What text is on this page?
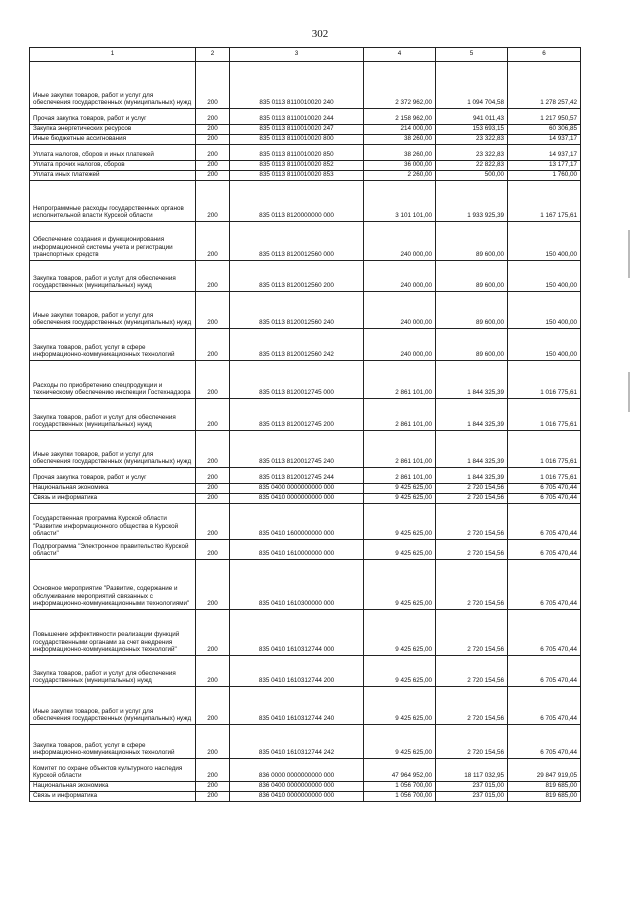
302
1	2	3	4	5	6
Иные закупки товаров, работ и услуг для обеспечения государственных (муниципальных) нужд	200	835 0113 8110010020 240	2 372 962,00	1 094 704,58	1 278 257,42
Прочая закупка товаров, работ и услуг	200	835 0113 8110010020 244	2 158 962,00	941 011,43	1 217 950,57
Закупка энергетических ресурсов	200	835 0113 8110010020 247	214 000,00	153 693,15	60 306,85
Иные бюджетные ассигнования	200	835 0113 8110010020 800	38 260,00	23 322,83	14 937,17
Уплата налогов, сборов и иных платежей	200	835 0113 8110010020 850	38 260,00	23 322,83	14 937,17
Уплата прочих налогов, сборов	200	835 0113 8110010020 852	36 000,00	22 822,83	13 177,17
Уплата иных платежей	200	835 0113 8110010020 853	2 260,00	500,00	1 760,00
Непрограммные расходы государственных органов исполнительной власти Курской области	200	835 0113 8120000000 000	3 101 101,00	1 933 925,39	1 167 175,61
Обеспечение создания и функционирования информационной системы учета и регистрации транспортных средств	200	835 0113 8120012560 000	240 000,00	89 600,00	150 400,00
Закупка товаров, работ и услуг для обеспечения государственных (муниципальных) нужд	200	835 0113 8120012560 200	240 000,00	89 600,00	150 400,00
Иные закупки товаров, работ и услуг для обеспечения государственных (муниципальных) нужд	200	835 0113 8120012560 240	240 000,00	89 600,00	150 400,00
Закупка товаров, работ, услуг в сфере информационно-коммуникационных технологий	200	835 0113 8120012560 242	240 000,00	89 600,00	150 400,00
Расходы по приобретению спецпродукции и техническому обеспечению инспекции Гостехнадзора	200	835 0113 8120012745 000	2 861 101,00	1 844 325,39	1 016 775,61
Закупка товаров, работ и услуг для обеспечения государственных (муниципальных) нужд	200	835 0113 8120012745 200	2 861 101,00	1 844 325,39	1 016 775,61
Иные закупки товаров, работ и услуг для обеспечения государственных (муниципальных) нужд	200	835 0113 8120012745 240	2 861 101,00	1 844 325,39	1 016 775,61
Прочая закупка товаров, работ и услуг	200	835 0113 8120012745 244	2 861 101,00	1 844 325,39	1 016 775,61
Национальная экономика	200	835 0400 0000000000 000	9 425 625,00	2 720 154,56	6 705 470,44
Связь и информатика	200	835 0410 0000000000 000	9 425 625,00	2 720 154,56	6 705 470,44
Государственная программа Курской области "Развитие информационного общества в Курской области"	200	835 0410 1600000000 000	9 425 625,00	2 720 154,56	6 705 470,44
Подпрограмма "Электронное правительство Курской области"	200	835 0410 1610000000 000	9 425 625,00	2 720 154,56	6 705 470,44
Основное мероприятие "Развитие, содержание и обслуживание мероприятий связанных с информационно-коммуникационными технологиями"	200	835 0410 1610300000 000	9 425 625,00	2 720 154,56	6 705 470,44
Повышение эффективности реализации функций государственными органами за счет внедрения информационно-коммуникационных технологий"	200	835 0410 1610312744 000	9 425 625,00	2 720 154,56	6 705 470,44
Закупка товаров, работ и услуг для обеспечения государственных (муниципальных) нужд	200	835 0410 1610312744 200	9 425 625,00	2 720 154,56	6 705 470,44
Иные закупки товаров, работ и услуг для обеспечения государственных (муниципальных) нужд	200	835 0410 1610312744 240	9 425 625,00	2 720 154,56	6 705 470,44
Закупка товаров, работ, услуг в сфере информационно-коммуникационных технологий	200	835 0410 1610312744 242	9 425 625,00	2 720 154,56	6 705 470,44
Комитет по охране объектов культурного наследия Курской области	200	836 0000 0000000000 000	47 964 952,00	18 117 032,95	29 847 919,05
Национальная экономика	200	836 0400 0000000000 000	1 056 700,00	237 015,00	819 685,00
Связь и информатика	200	836 0410 0000000000 000	1 056 700,00	237 015,00	819 685,00
